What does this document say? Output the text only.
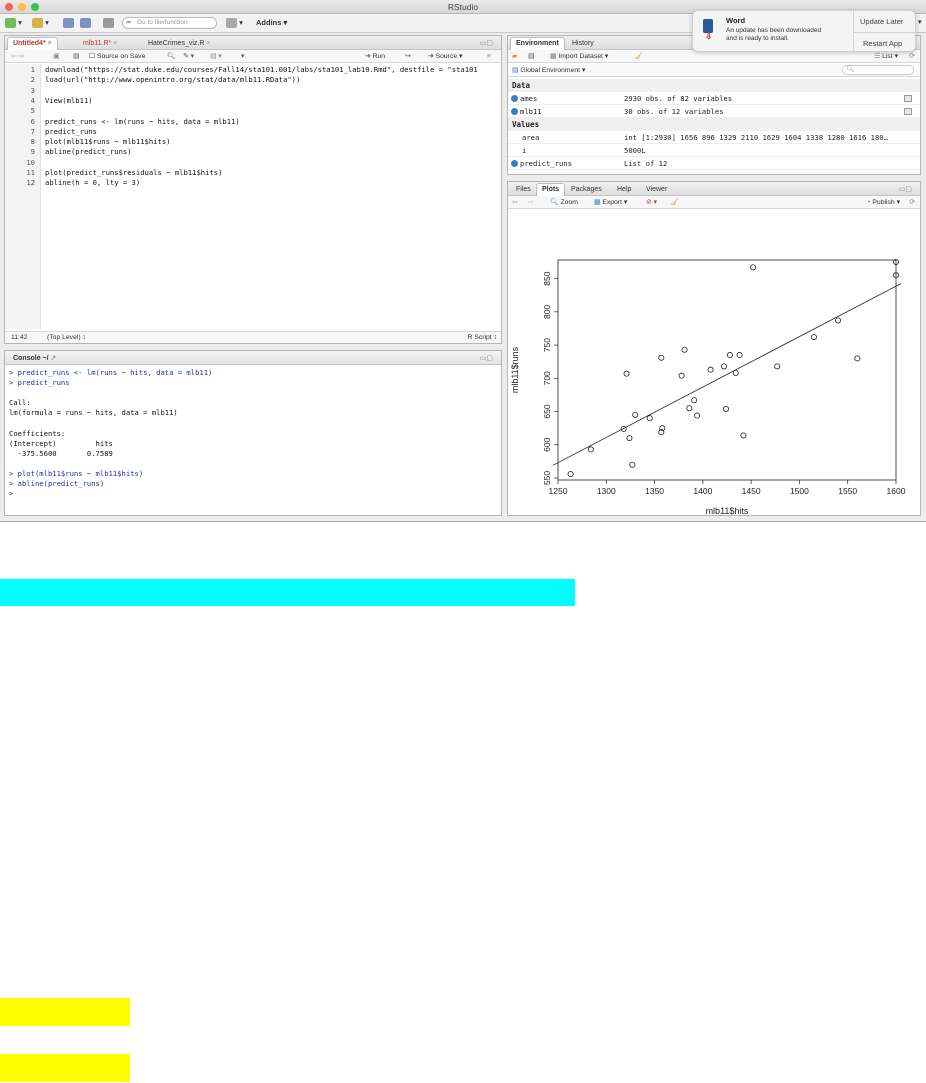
RStudio
▾	▾	➦ Go to file/function	▾ Addins ▾
Untitled4* ×	mlb11.R* ×	HateCrimes_viz.R ×	▭▢
⇦ ⇨	▣ ▤ ☐ Source on Save	🔍︎ ✎ ▾ ▤ ▾	▾	➜ Run	↪	➜ Source ▾	≡
1
2
3
4
5
6
7
8
9
10
11
12
download("https://stat.duke.edu/courses/Fall14/sta101.001/labs/sta101_lab10.Rmd", destfile = "sta101
load(url("http://www.openintro.org/stat/data/mlb11.RData"))
View(mlb11)
predict_runs <- lm(runs ~ hits, data = mlb11)
predict_runs
plot(mlb11$runs ~ mlb11$hits)
abline(predict_runs)
plot(predict_runs$residuals ~ mlb11$hits)
abline(h = 0, lty = 3)
11:42	(Top Level) ↕	R Script ↕
Console ~/ ↗	▭▢
> predict_runs <- lm(runs ~ hits, data = mlb11)
> predict_runs
Call:
lm(formula = runs ~ hits, data = mlb11)
Coefficients:
(Intercept)         hits
-375.5600       0.7589
> plot(mlb11$runs ~ mlb11$hits)
> abline(predict_runs)
>
Environment	History
▰ ▤ ▦ Import Dataset ▾	🧹︎	☰ List ▾ ⟳
▤ Global Environment ▾	🔍︎
Data
ames	2930 obs. of 82 variables
mlb11	30 obs. of 12 variables
Values
area	int [1:2930] 1656 896 1329 2110 1629 1604 1338 1280 1616 180…
i	5000L
predict_runs	List of 12
Files	Plots	Packages	Help	Viewer	▭▢
⇦ ⇨ 🔍︎ Zoom ▦ Export ▾	⊘ ▾ 🧹︎	◔ Publish ▾ ⟳
1250	1300	1350	1400	1450	1500	1550	1600
550
600
650
700
750
800
850
mlb11$hits
mlb11$runs
⇩
Word
An update has been downloaded
and is ready to install.
Update Later
Restart App
▾
